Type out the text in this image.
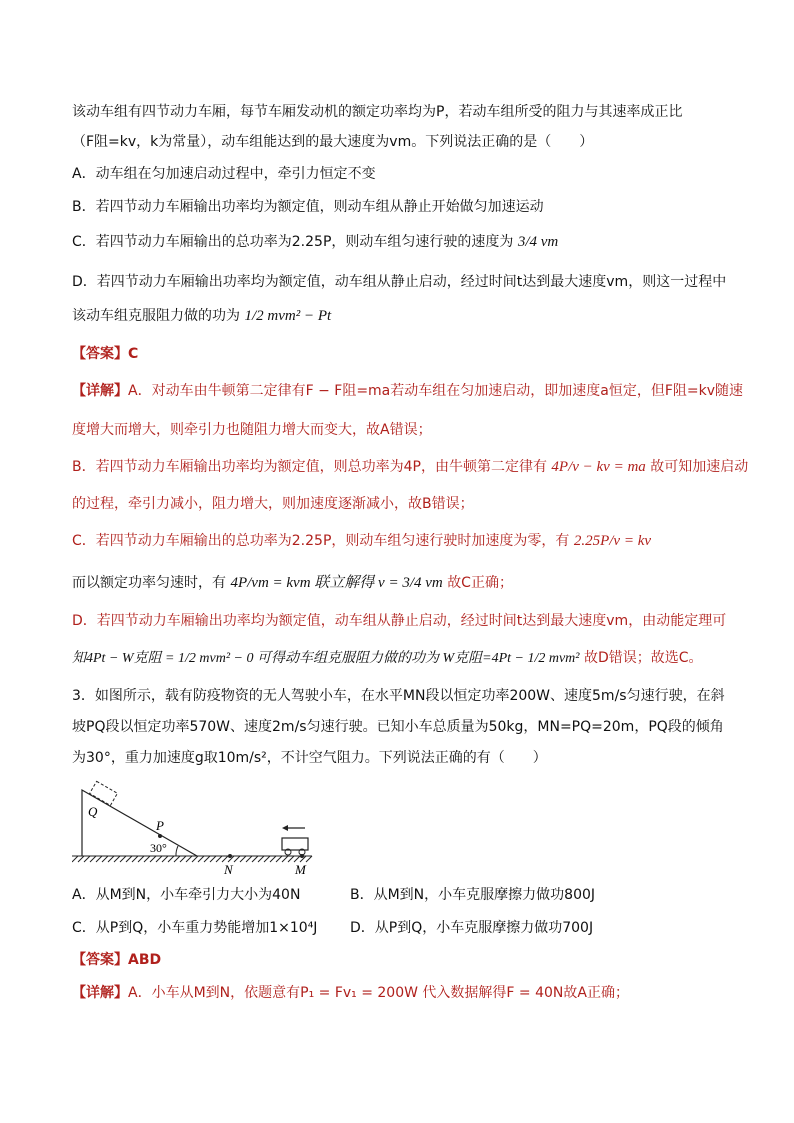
该动车组有四节动力车厢，每节车厢发动机的额定功率均为P，若动车组所受的阻力与其速率成正比
（F阻=kv，k为常量），动车组能达到的最大速度为vm。下列说法正确的是（　　）
A．动车组在匀加速启动过程中，牵引力恒定不变
B．若四节动力车厢输出功率均为额定值，则动车组从静止开始做匀加速运动
C．若四节动力车厢输出的总功率为2.25P，则动车组匀速行驶的速度为 3/4 vm
D．若四节动力车厢输出功率均为额定值，动车组从静止启动，经过时间t达到最大速度vm，则这一过程中
该动车组克服阻力做的功为 1/2 mvm² − Pt
【答案】C
【详解】A．对动车由牛顿第二定律有F − F阻=ma若动车组在匀加速启动，即加速度a恒定，但F阻=kv随速
度增大而增大，则牵引力也随阻力增大而变大，故A错误；
B．若四节动力车厢输出功率均为额定值，则总功率为4P，由牛顿第二定律有 4P/v − kv = ma 故可知加速启动
的过程，牵引力减小，阻力增大，则加速度逐渐减小，故B错误；
C．若四节动力车厢输出的总功率为2.25P，则动车组匀速行驶时加速度为零，有 2.25P/v = kv
而以额定功率匀速时，有 4P/vm = kvm 联立解得 v = 3/4 vm 故C正确；
D．若四节动力车厢输出功率均为额定值，动车组从静止启动，经过时间t达到最大速度vm，由动能定理可
知4Pt − W克阻 = 1/2 mvm² − 0 可得动车组克服阻力做的功为 W克阻=4Pt − 1/2 mvm² 故D错误；故选C。
3．如图所示，载有防疫物资的无人驾驶小车，在水平MN段以恒定功率200W、速度5m/s匀速行驶，在斜
坡PQ段以恒定功率570W、速度2m/s匀速行驶。已知小车总质量为50kg，MN=PQ=20m，PQ段的倾角
为30°，重力加速度g取10m/s²，不计空气阻力。下列说法正确的有（　　）
Q
P
30°
N	M
A．从M到N，小车牵引力大小为40N	B．从M到N，小车克服摩擦力做功800J
C．从P到Q，小车重力势能增加1×10⁴J D．从P到Q，小车克服摩擦力做功700J
【答案】ABD
【详解】A．小车从M到N，依题意有P₁ = Fv₁ = 200W 代入数据解得F = 40N故A正确；
